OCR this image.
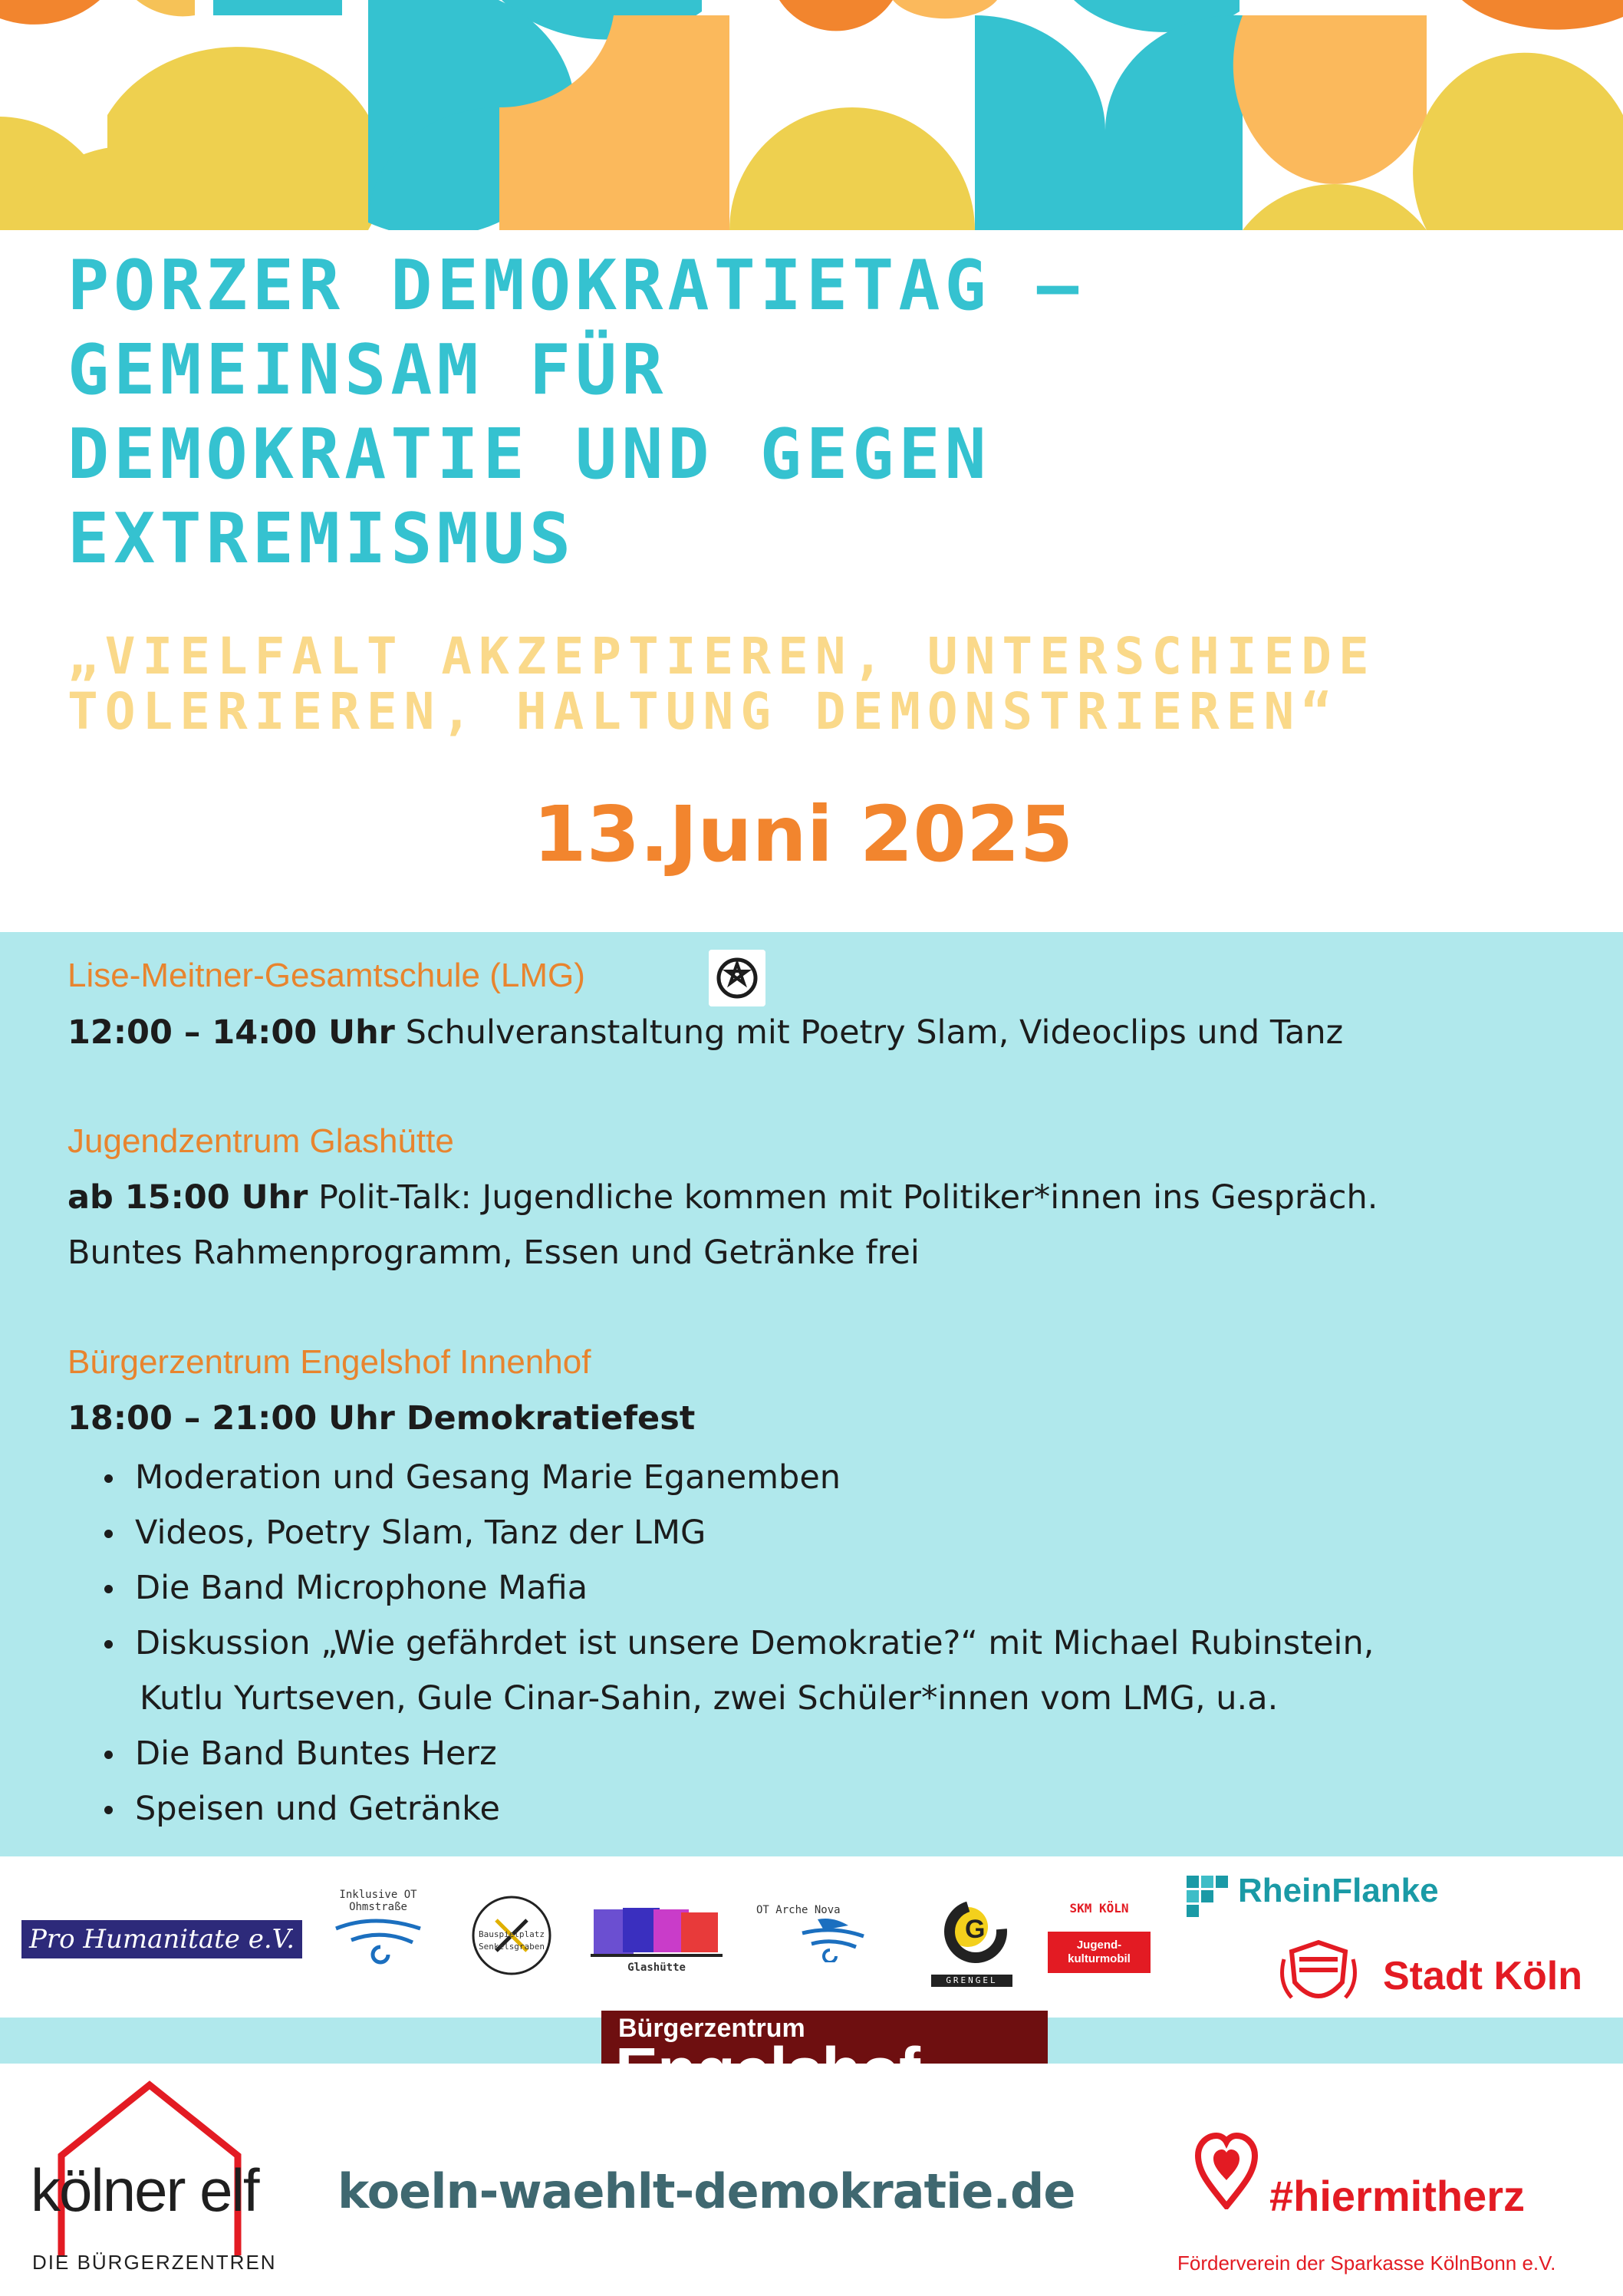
PORZER DEMOKRATIETAG –
GEMEINSAM FÜR
DEMOKRATIE UND GEGEN
EXTREMISMUS

„VIELFALT AKZEPTIEREN, UNTERSCHIEDE
TOLERIEREN, HALTUNG DEMONSTRIEREN“

13.Juni 2025

Lise-Meitner-Gesamtschule (LMG)

12:00 – 14:00 Uhr Schulveranstaltung mit Poetry Slam, Videoclips und Tanz

Jugendzentrum Glashütte

ab 15:00 Uhr Polit-Talk: Jugendliche kommen mit Politiker*innen ins Gespräch.

Buntes Rahmenprogramm, Essen und Getränke frei

Bürgerzentrum Engelshof Innenhof

18:00 – 21:00 Uhr Demokratiefest

Moderation und Gesang Marie Eganemben
Videos, Poetry Slam, Tanz der LMG
Die Band Microphone Mafia
Diskussion „Wie gefährdet ist unsere Demokratie?“ mit Michael Rubinstein,
Kutlu Yurtseven, Gule Cinar-Sahin, zwei Schüler*innen vom LMG, u.a.
Die Band Buntes Herz
Speisen und Getränke
Pro Humanitate e.V.
Inklusive OT Ohmstraße
Bauspielplatz Senkelsgraben
Glashütte
OT Arche Nova
G
GRENGEL
SKM KÖLN
Jugend-kulturmobil
RheinFlanke
Stadt Köln
Bürgerzentrum
kölner elf
DIE BÜRGERZENTREN
koeln-waehlt-demokratie.de	#hiermitherz
Förderverein der Sparkasse KölnBonn e.V.
